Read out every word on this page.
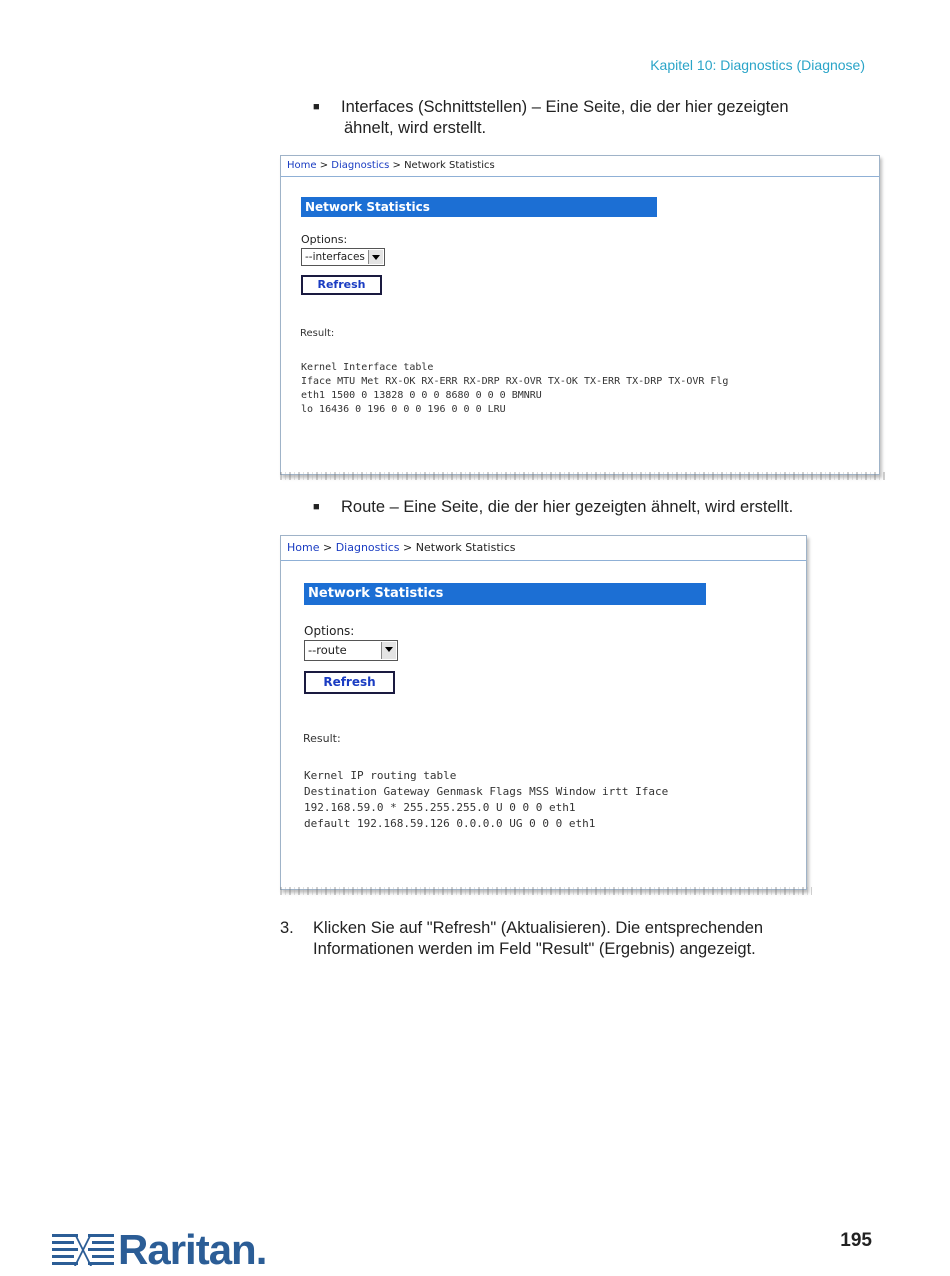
Kapitel 10: Diagnostics (Diagnose)
■	Interfaces (Schnittstellen) – Eine Seite, die der hier gezeigten
ähnelt, wird erstellt.
Home > Diagnostics > Network Statistics
Network Statistics
Options:
--interfaces
Refresh
Result:
Kernel Interface table
Iface MTU Met RX-OK RX-ERR RX-DRP RX-OVR TX-OK TX-ERR TX-DRP TX-OVR Flg
eth1 1500 0 13828 0 0 0 8680 0 0 0 BMNRU
lo 16436 0 196 0 0 0 196 0 0 0 LRU
■	Route – Eine Seite, die der hier gezeigten ähnelt, wird erstellt.
Home > Diagnostics > Network Statistics
Network Statistics
Options:
--route
Refresh
Result:
Kernel IP routing table
Destination Gateway Genmask Flags MSS Window irtt Iface
192.168.59.0 * 255.255.255.0 U 0 0 0 eth1
default 192.168.59.126 0.0.0.0 UG 0 0 0 eth1
3.	Klicken Sie auf "Refresh" (Aktualisieren). Die entsprechenden
Informationen werden im Feld "Result" (Ergebnis) angezeigt.
Raritan.	195
